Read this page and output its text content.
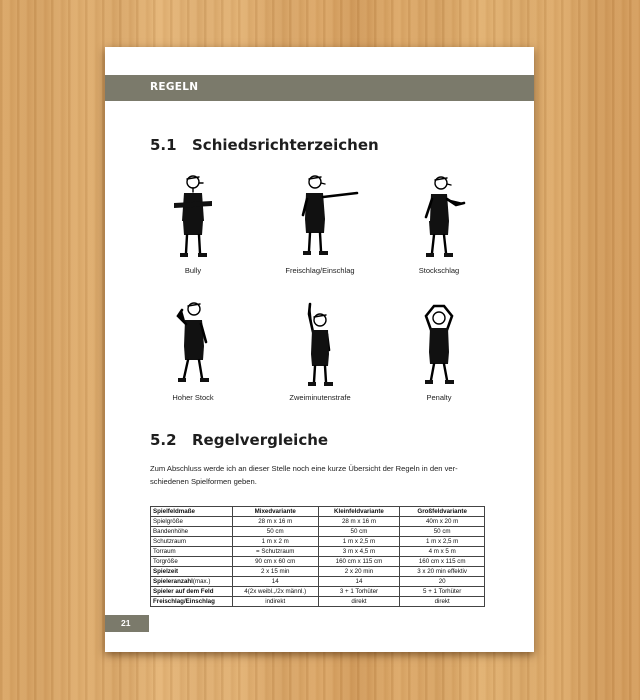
REGELN
5.1 Schiedsrichterzeichen
Bully	Freischlag/Einschlag	Stockschlag
Hoher Stock	Zweiminutenstrafe	Penalty
5.2 Regelvergleiche
Zum Abschluss werde ich an dieser Stelle noch eine kurze Übersicht der Regeln in den ver-
schiedenen Spielformen geben.
Spielfeldmaße	Mixedvariante	Kleinfeldvariante	Großfeldvariante
Spielgröße	28 m x 16 m	28 m x 16 m	40m x 20 m
Bandenhöhe	50 cm	50 cm	50 cm
Schutzraum	1 m x 2 m	1 m x 2,5 m	1 m x 2,5 m
Torraum	= Schutzraum	3 m x 4,5 m	4 m x 5 m
Torgröße	90 cm x 60 cm	160 cm x 115 cm	160 cm x 115 cm
Spielzeit	2 x 15 min	2 x 20 min	3 x 20 min effektiv
Spieleranzahl(max.)	14	14	20
Spieler auf dem Feld	4(2x weibl.,/2x männl.)	3 + 1 Torhüter	5 + 1 Torhüter
Freischlag/Einschlag	indirekt	direkt	direkt
21
